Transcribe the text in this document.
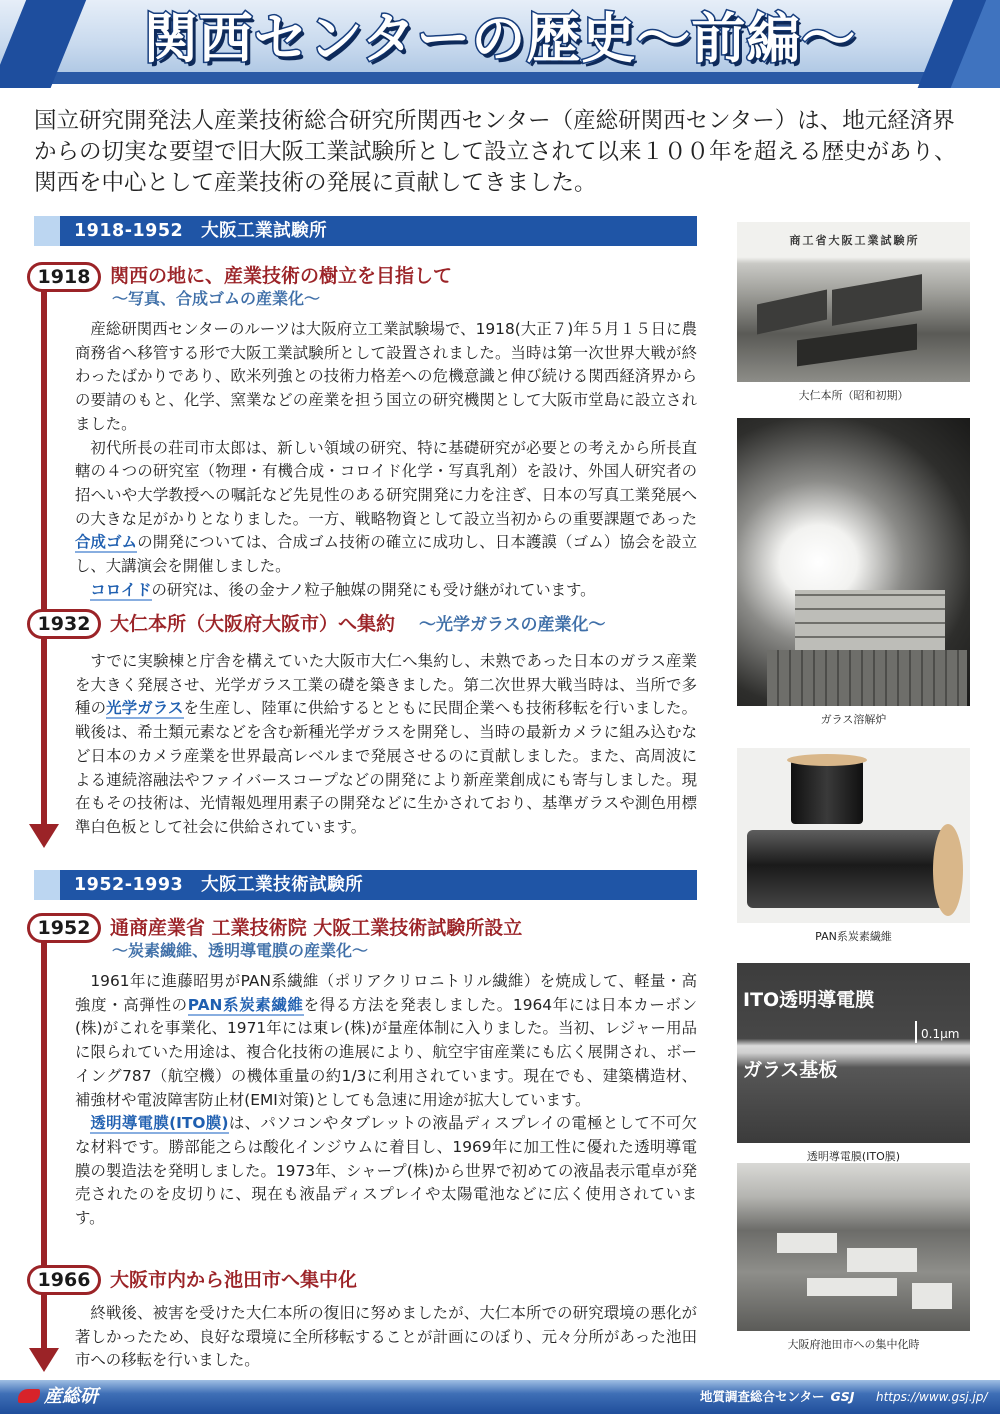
関西センターの歴史〜前編〜
国立研究開発法人産業技術総合研究所関西センター（産総研関西センター）は、地元経済界からの切実な要望で旧大阪工業試験所として設立されて以来１００年を超える歴史があり、関西を中心として産業技術の発展に貢献してきました。
1918-1952　大阪工業試験所
1918	関西の地に、産業技術の樹立を目指して
〜写真、合成ゴムの産業化〜

産総研関西センターのルーツは大阪府立工業試験場で、1918(大正７)年５月１５日に農商務省へ移管する形で大阪工業試験所として設置されました。当時は第一次世界大戦が終わったばかりであり、欧米列強との技術力格差への危機意識と伸び続ける関西経済界からの要請のもと、化学、窯業などの産業を担う国立の研究機関として大阪市堂島に設立されました。

初代所長の荘司市太郎は、新しい領域の研究、特に基礎研究が必要との考えから所長直轄の４つの研究室（物理・有機合成・コロイド化学・写真乳剤）を設け、外国人研究者の招へいや大学教授への嘱託など先見性のある研究開発に力を注ぎ、日本の写真工業発展への大きな足がかりとなりました。一方、戦略物資として設立当初からの重要課題であった合成ゴムの開発については、合成ゴム技術の確立に成功し、日本護謨（ゴム）協会を設立し、大講演会を開催しました。

コロイドの研究は、後の金ナノ粒子触媒の開発にも受け継がれています。

1932	大仁本所（大阪府大阪市）へ集約 〜光学ガラスの産業化〜

すでに実験棟と庁舎を構えていた大阪市大仁へ集約し、未熟であった日本のガラス産業を大きく発展させ、光学ガラス工業の礎を築きました。第二次世界大戦当時は、当所で多種の光学ガラスを生産し、陸軍に供給するとともに民間企業へも技術移転を行いました。戦後は、希土類元素などを含む新種光学ガラスを開発し、当時の最新カメラに組み込むなど日本のカメラ産業を世界最高レベルまで発展させるのに貢献しました。また、高周波による連続溶融法やファイバースコープなどの開発により新産業創成にも寄与しました。現在もその技術は、光情報処理用素子の開発などに生かされており、基準ガラスや測色用標準白色板として社会に供給されています。

1952-1993　大阪工業技術試験所
1952	通商産業省 工業技術院 大阪工業技術試験所設立
〜炭素繊維、透明導電膜の産業化〜

1961年に進藤昭男がPAN系繊維（ポリアクリロニトリル繊維）を焼成して、軽量・高強度・高弾性のPAN系炭素繊維を得る方法を発表しました。1964年には日本カーボン(株)がこれを事業化、1971年には東レ(株)が量産体制に入りました。当初、レジャー用品に限られていた用途は、複合化技術の進展により、航空宇宙産業にも広く展開され、ボーイング787（航空機）の機体重量の約1/3に利用されています。現在でも、建築構造材、補強材や電波障害防止材(EMI対策)としても急速に用途が拡大しています。

透明導電膜(ITO膜)は、パソコンやタブレットの液晶ディスプレイの電極として不可欠な材料です。勝部能之らは酸化インジウムに着目し、1969年に加工性に優れた透明導電膜の製造法を発明しました。1973年、シャープ(株)から世界で初めての液晶表示電卓が発売されたのを皮切りに、現在も液晶ディスプレイや太陽電池などに広く使用されています。

1966	大阪市内から池田市へ集中化

終戦後、被害を受けた大仁本所の復旧に努めましたが、大仁本所での研究環境の悪化が著しかったため、良好な環境に全所移転することが計画にのぼり、元々分所があった池田市への移転を行いました。

商工省大阪工業試験所
大仁本所（昭和初期）
ガラス溶解炉
PAN系炭素繊維
ITO透明導電膜
0.1μm
ガラス基板
透明導電膜(ITO膜)
大阪府池田市への集中化時
産総研	地質調査総合センター GSJ	https://www.gsj.jp/
